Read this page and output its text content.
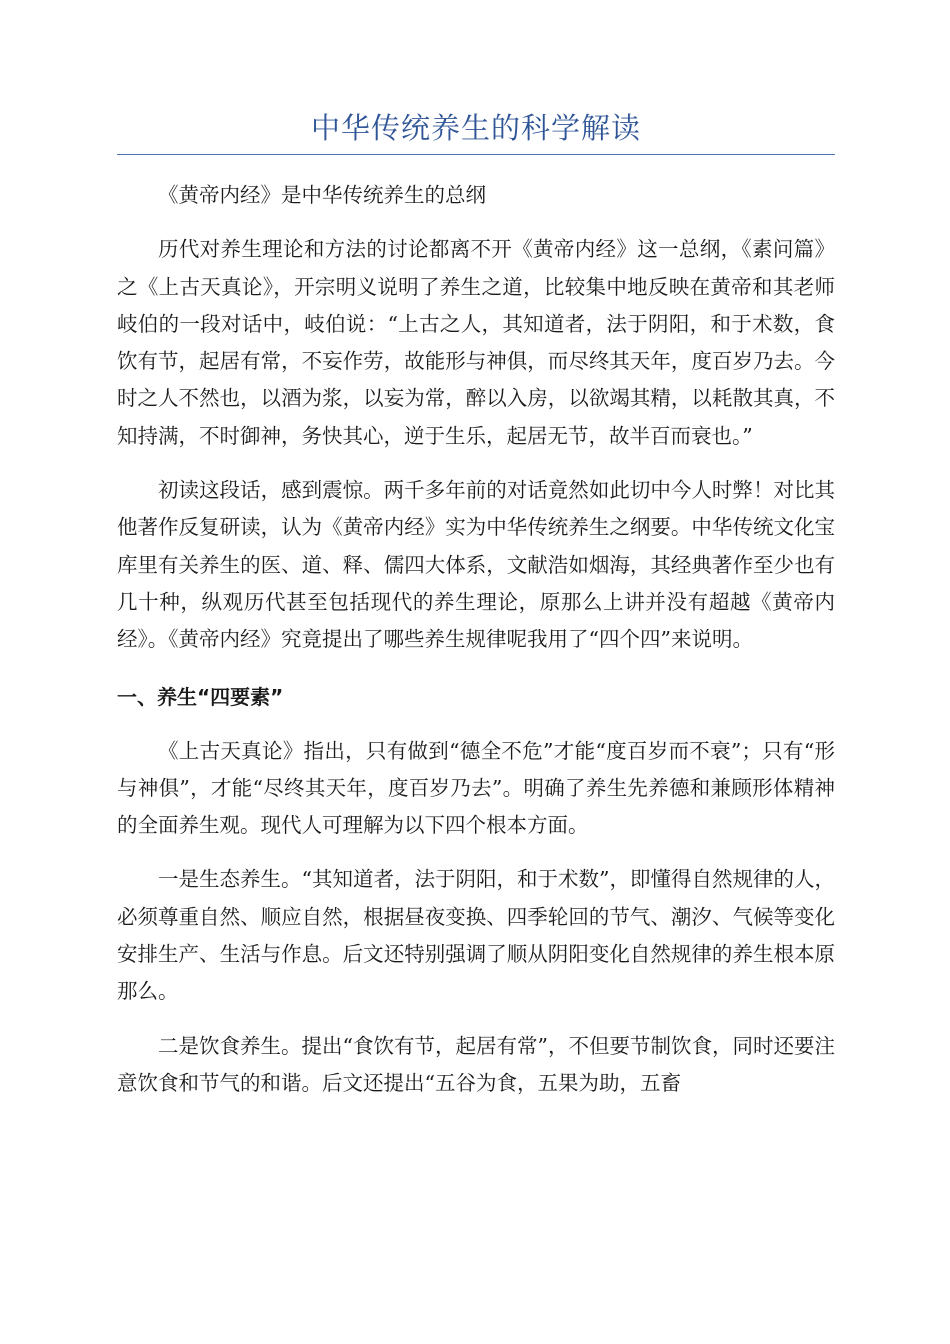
中华传统养生的科学解读

《黄帝内经》是中华传统养生的总纲

历代对养生理论和方法的讨论都离不开《黄帝内经》这一总纲，《素问篇》之《上古天真论》，开宗明义说明了养生之道，比较集中地反映在黄帝和其老师岐伯的一段对话中，岐伯说：“上古之人，其知道者，法于阴阳，和于术数，食饮有节，起居有常，不妄作劳，故能形与神俱，而尽终其天年，度百岁乃去。今时之人不然也，以酒为浆，以妄为常，醉以入房，以欲竭其精，以耗散其真，不知持满，不时御神，务快其心，逆于生乐，起居无节，故半百而衰也。”

初读这段话，感到震惊。两千多年前的对话竟然如此切中今人时弊！对比其他著作反复研读，认为《黄帝内经》实为中华传统养生之纲要。中华传统文化宝库里有关养生的医、道、释、儒四大体系，文献浩如烟海，其经典著作至少也有几十种，纵观历代甚至包括现代的养生理论，原那么上讲并没有超越《黄帝内经》。《黄帝内经》究竟提出了哪些养生规律呢我用了“四个四”来说明。

一、养生“四要素”

《上古天真论》指出，只有做到“德全不危”才能“度百岁而不衰”；只有“形与神俱”，才能“尽终其天年，度百岁乃去”。明确了养生先养德和兼顾形体精神的全面养生观。现代人可理解为以下四个根本方面。

一是生态养生。“其知道者，法于阴阳，和于术数”，即懂得自然规律的人，必须尊重自然、顺应自然，根据昼夜变换、四季轮回的节气、潮汐、气候等变化安排生产、生活与作息。后文还特别强调了顺从阴阳变化自然规律的养生根本原那么。

二是饮食养生。提出“食饮有节，起居有常”，不但要节制饮食，同时还要注意饮食和节气的和谐。后文还提出“五谷为食，五果为助，五畜
